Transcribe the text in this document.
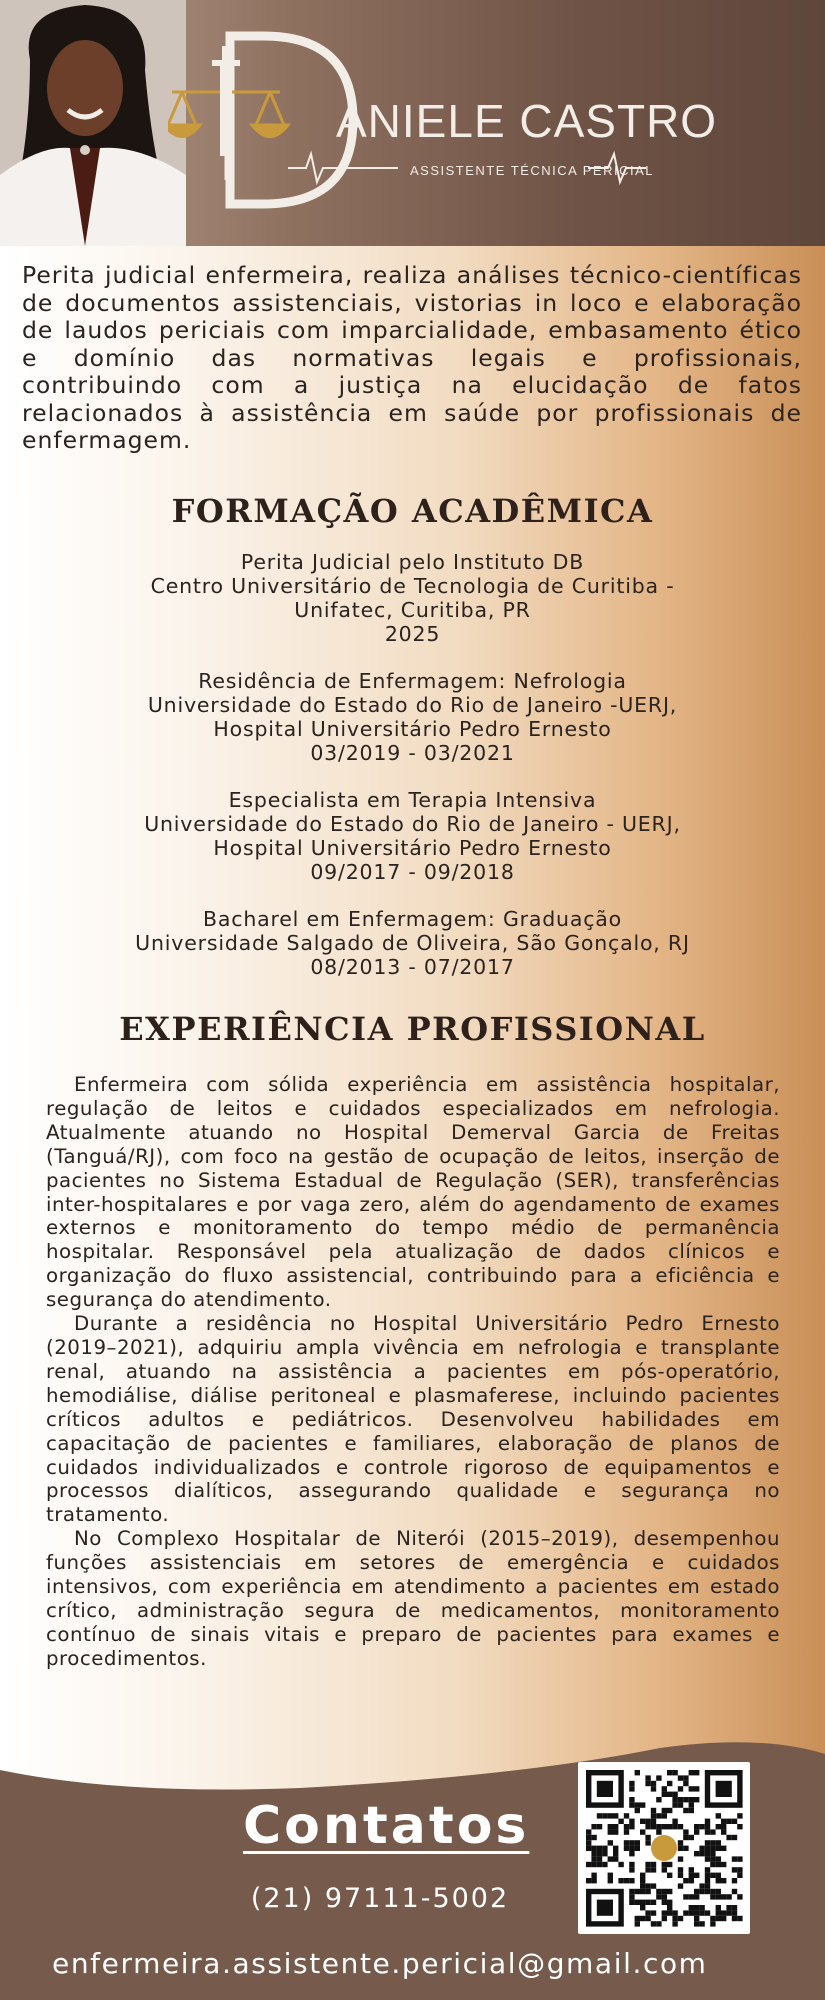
ANIELE CASTRO
ASSISTENTE TÉCNICA PERICIAL

Perita judicial enfermeira, realiza análises técnico-científicas de documentos assistenciais, vistorias in loco e elaboração de laudos periciais com imparcialidade, embasamento ético e domínio das normativas legais e profissionais, contribuindo com a justiça na elucidação de fatos relacionados à assistência em saúde por profissionais de enfermagem.

FORMAÇÃO ACADÊMICA
Perita Judicial pelo Instituto DB
Centro Universitário de Tecnologia de Curitiba -
Unifatec, Curitiba, PR
2025
Residência de Enfermagem: Nefrologia
Universidade do Estado do Rio de Janeiro -UERJ,
Hospital Universitário Pedro Ernesto
03/2019 - 03/2021
Especialista em Terapia Intensiva
Universidade do Estado do Rio de Janeiro - UERJ,
Hospital Universitário Pedro Ernesto
09/2017 - 09/2018
Bacharel em Enfermagem: Graduação
Universidade Salgado de Oliveira, São Gonçalo, RJ
08/2013 - 07/2017
EXPERIÊNCIA PROFISSIONAL

Enfermeira com sólida experiência em assistência hospitalar, regulação de leitos e cuidados especializados em nefrologia. Atualmente atuando no Hospital Demerval Garcia de Freitas (Tanguá/RJ), com foco na gestão de ocupação de leitos, inserção de pacientes no Sistema Estadual de Regulação (SER), transferências inter-hospitalares e por vaga zero, além do agendamento de exames externos e monitoramento do tempo médio de permanência hospitalar. Responsável pela atualização de dados clínicos e organização do fluxo assistencial, contribuindo para a eficiência e segurança do atendimento.

Durante a residência no Hospital Universitário Pedro Ernesto (2019–2021), adquiriu ampla vivência em nefrologia e transplante renal, atuando na assistência a pacientes em pós-operatório, hemodiálise, diálise peritoneal e plasmaferese, incluindo pacientes críticos adultos e pediátricos. Desenvolveu habilidades em capacitação de pacientes e familiares, elaboração de planos de cuidados individualizados e controle rigoroso de equipamentos e processos dialíticos, assegurando qualidade e segurança no tratamento.

No Complexo Hospitalar de Niterói (2015–2019), desempenhou funções assistenciais em setores de emergência e cuidados intensivos, com experiência em atendimento a pacientes em estado crítico, administração segura de medicamentos, monitoramento contínuo de sinais vitais e preparo de pacientes para exames e procedimentos.

Contatos
(21) 97111-5002
enfermeira.assistente.pericial@gmail.com
